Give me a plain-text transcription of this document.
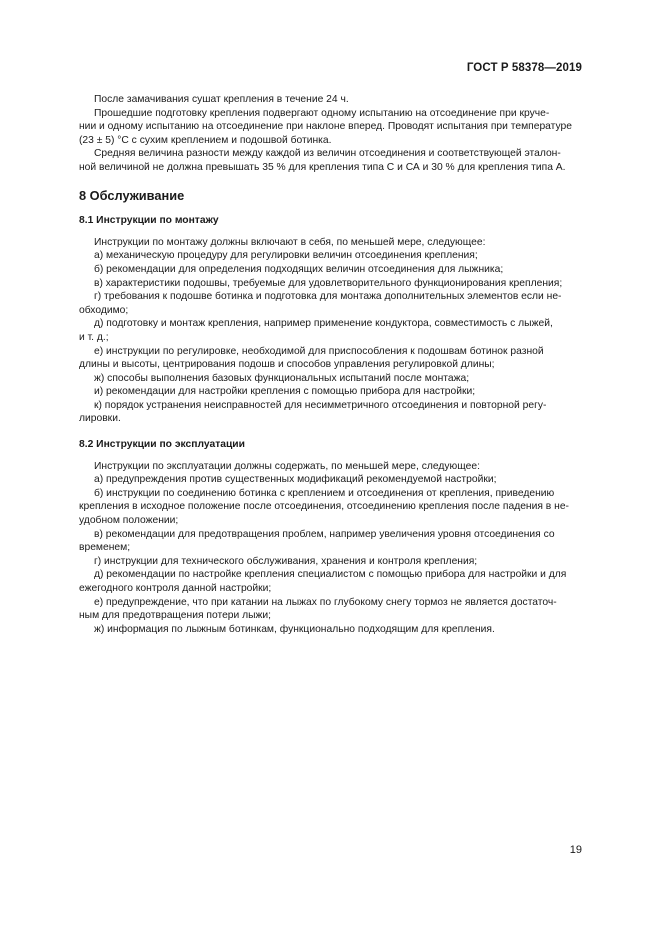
ГОСТ Р 58378—2019
После замачивания сушат крепления в течение 24 ч.
Прошедшие подготовку крепления подвергают одному испытанию на отсоединение при круче-
нии и одному испытанию на отсоединение при наклоне вперед. Проводят испытания при температуре
(23 ± 5) °С с сухим креплением и подошвой ботинка.
Средняя величина разности между каждой из величин отсоединения и соответствующей эталон-
ной величиной не должна превышать 35 % для крепления типа С и СА и 30 % для крепления типа А.
8 Обслуживание
8.1 Инструкции по монтажу
Инструкции по монтажу должны включают в себя, по меньшей мере, следующее:
а) механическую процедуру для регулировки величин отсоединения крепления;
б) рекомендации для определения подходящих величин отсоединения для лыжника;
в) характеристики подошвы, требуемые для удовлетворительного функционирования крепления;
г) требования к подошве ботинка и подготовка для монтажа дополнительных элементов если не-
обходимо;
д) подготовку и монтаж крепления, например применение кондуктора, совместимость с лыжей,
и т. д.;
е) инструкции по регулировке, необходимой для приспособления к подошвам ботинок разной
длины и высоты, центрирования подошв и способов управления регулировкой длины;
ж) способы выполнения базовых функциональных испытаний после монтажа;
и) рекомендации для настройки крепления с помощью прибора для настройки;
к) порядок устранения неисправностей для несимметричного отсоединения и повторной регу-
лировки.
8.2 Инструкции по эксплуатации
Инструкции по эксплуатации должны содержать, по меньшей мере, следующее:
а) предупреждения против существенных модификаций рекомендуемой настройки;
б) инструкции по соединению ботинка с креплением и отсоединения от крепления, приведению
крепления в исходное положение после отсоединения, отсоединению крепления после падения в не-
удобном положении;
в) рекомендации для предотвращения проблем, например увеличения уровня отсоединения со
временем;
г) инструкции для технического обслуживания, хранения и контроля крепления;
д) рекомендации по настройке крепления специалистом с помощью прибора для настройки и для
ежегодного контроля данной настройки;
е) предупреждение, что при катании на лыжах по глубокому снегу тормоз не является достаточ-
ным для предотвращения потери лыжи;
ж) информация по лыжным ботинкам, функционально подходящим для крепления.
19
